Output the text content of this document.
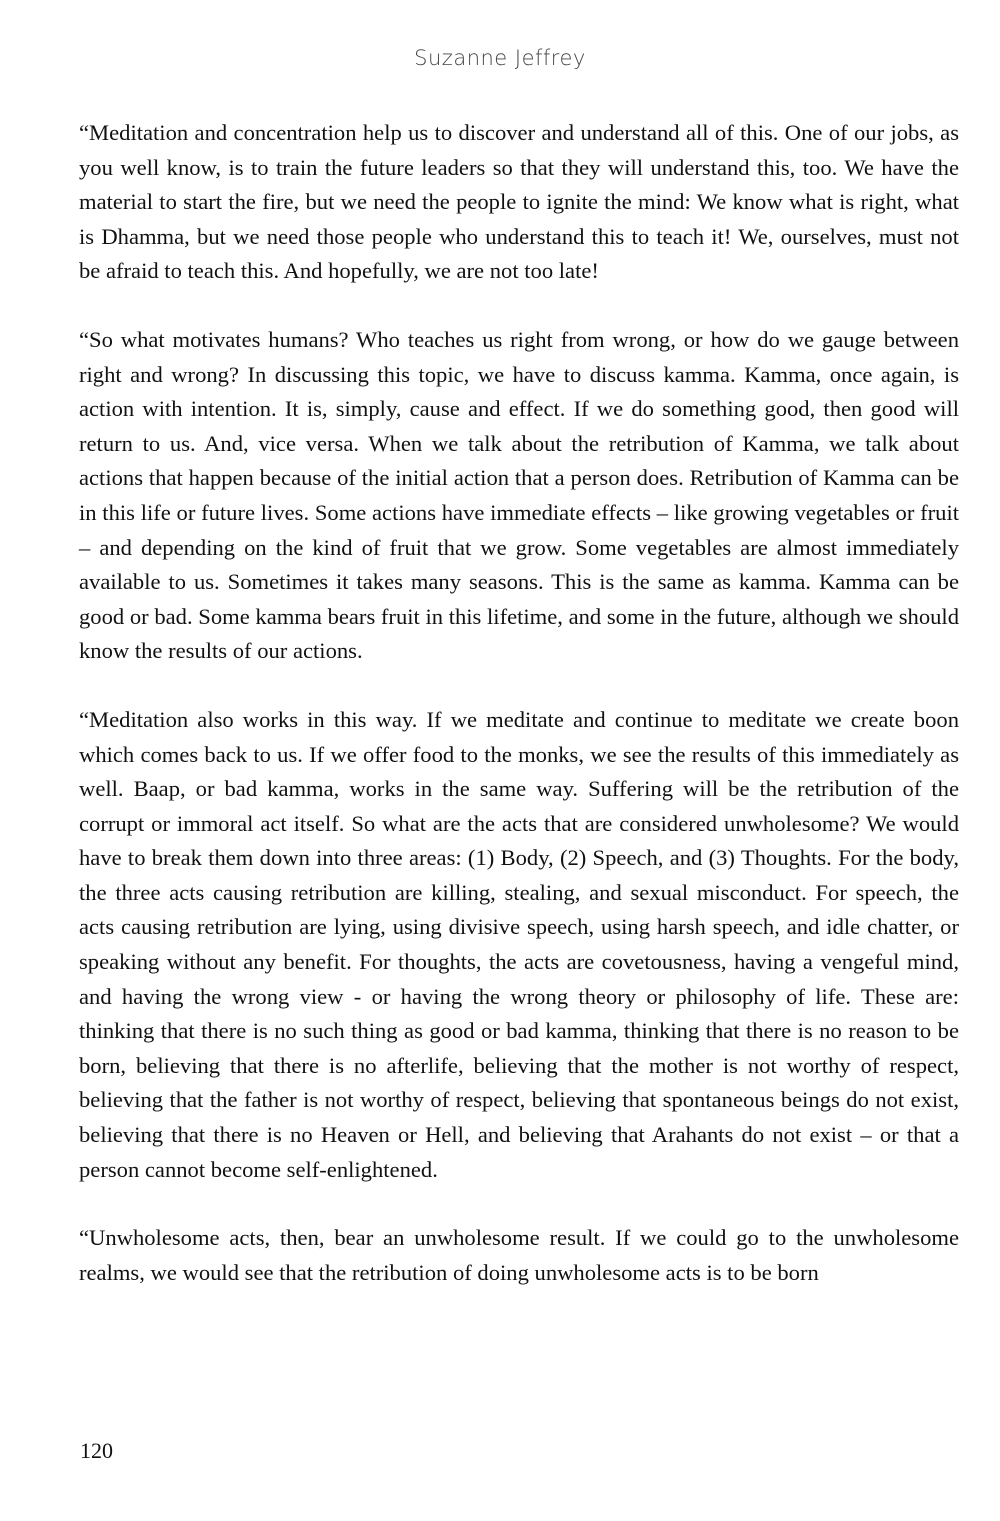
Suzanne Jeffrey

“Meditation and concentration help us to discover and understand all of this. One of our jobs, as you well know, is to train the future leaders so that they will understand this, too. We have the material to start the fire, but we need the people to ignite the mind: We know what is right, what is Dhamma, but we need those people who understand this to teach it! We, ourselves, must not be afraid to teach this. And hopefully, we are not too late!

“So what motivates humans? Who teaches us right from wrong, or how do we gauge between right and wrong? In discussing this topic, we have to discuss kamma. Kamma, once again, is action with intention. It is, simply, cause and effect. If we do something good, then good will return to us. And, vice versa. When we talk about the retribution of Kamma, we talk about actions that happen because of the initial action that a person does. Retribution of Kamma can be in this life or future lives. Some actions have immediate effects – like growing vegetables or fruit – and depending on the kind of fruit that we grow. Some vegetables are almost immediately available to us. Sometimes it takes many seasons. This is the same as kamma. Kamma can be good or bad. Some kamma bears fruit in this lifetime, and some in the future, although we should know the results of our actions.

“Meditation also works in this way. If we meditate and continue to meditate we create boon which comes back to us. If we offer food to the monks, we see the results of this immediately as well. Baap, or bad kamma, works in the same way. Suffering will be the retribution of the corrupt or immoral act itself. So what are the acts that are considered unwholesome? We would have to break them down into three areas: (1) Body, (2) Speech, and (3) Thoughts. For the body, the three acts causing retribution are killing, stealing, and sexual misconduct. For speech, the acts causing retribution are lying, using divisive speech, using harsh speech, and idle chatter, or speaking without any benefit. For thoughts, the acts are covetousness, having a vengeful mind, and having the wrong view - or having the wrong theory or philosophy of life. These are: thinking that there is no such thing as good or bad kamma, thinking that there is no reason to be born, believing that there is no afterlife, believing that the mother is not worthy of respect, believing that the father is not worthy of respect, believing that spontaneous beings do not exist, believing that there is no Heaven or Hell, and believing that Arahants do not exist – or that a person cannot become self-enlightened.

“Unwholesome acts, then, bear an unwholesome result. If we could go to the unwholesome realms, we would see that the retribution of doing unwholesome acts is to be born

120
